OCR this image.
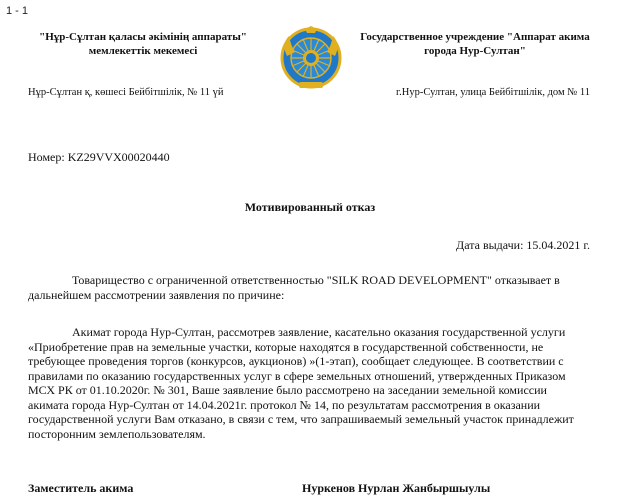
1 - 1
"Нұр-Сұлтан қаласы әкімінің аппараты" мемлекеттік мекемесі
Государственное учреждение "Аппарат акима города Нур-Султан"
Нұр-Сұлтан қ, көшесі Бейбітшілік, № 11 үй	г.Нур-Султан, улица Бейбітшілік, дом № 11
Номер: KZ29VVX00020440
Мотивированный отказ
Дата выдачи: 15.04.2021 г.

Товарищество с ограниченной ответственностью "SILK ROAD DEVELOPMENT" отказывает в дальнейшем рассмотрении заявления по причине:

Акимат города Нур-Султан, рассмотрев заявление, касательно оказания государственной услуги «Приобретение прав на земельные участки, которые находятся в государственной собственности, не требующее проведения торгов (конкурсов, аукционов) »(1-этап), сообщает следующее. В соответствии с правилами по оказанию государственных услуг в сфере земельных отношений, утвержденных Приказом МСХ РК от 01.10.2020г. № 301, Ваше заявление было рассмотрено на заседании земельной комиссии акимата города Нур-Султан от 14.04.2021г. протокол № 14, по результатам рассмотрения в оказании государственной услуги Вам отказано, в связи с тем, что запрашиваемый земельный участок принадлежит посторонним землепользователям.

Заместитель акима	Нуркенов Нурлан Жанбыршыулы
